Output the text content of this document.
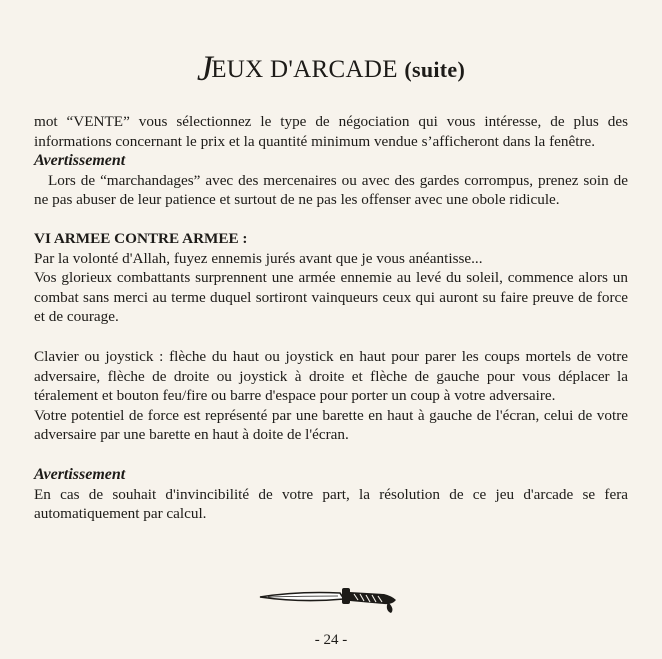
JEUX D'ARCADE (suite)

mot “VENTE” vous sélectionnez le type de négociation qui vous intéresse, de plus des informations concernant le prix et la quantité minimum vendue s’afficheront dans la fenêtre.

Avertissement

Lors de “marchandages” avec des mercenaires ou avec des gardes corrompus, prenez soin de ne pas abuser de leur patience et surtout de ne pas les offenser avec une obole ridicule.

VI ARMEE CONTRE ARMEE :

Par la volonté d'Allah, fuyez ennemis jurés avant que je vous anéantisse...

Vos glorieux combattants surprennent une armée ennemie au levé du soleil, commence alors un combat sans merci au terme duquel sortiront vainqueurs ceux qui auront su faire preuve de force et de courage.

Clavier ou joystick : flèche du haut ou joystick en haut pour parer les coups mortels de votre adversaire, flèche de droite ou joystick à droite et flèche de gauche pour vous déplacer la téralement et bouton feu/fire ou barre d'espace pour porter un coup à votre adversaire.

Votre potentiel de force est représenté par une barette en haut à gauche de l'écran, celui de votre adversaire par une barette en haut à doite de l'écran.

Avertissement

En cas de souhait d'invincibilité de votre part, la résolution de ce jeu d'arcade se fera automatiquement par calcul.

- 24 -
